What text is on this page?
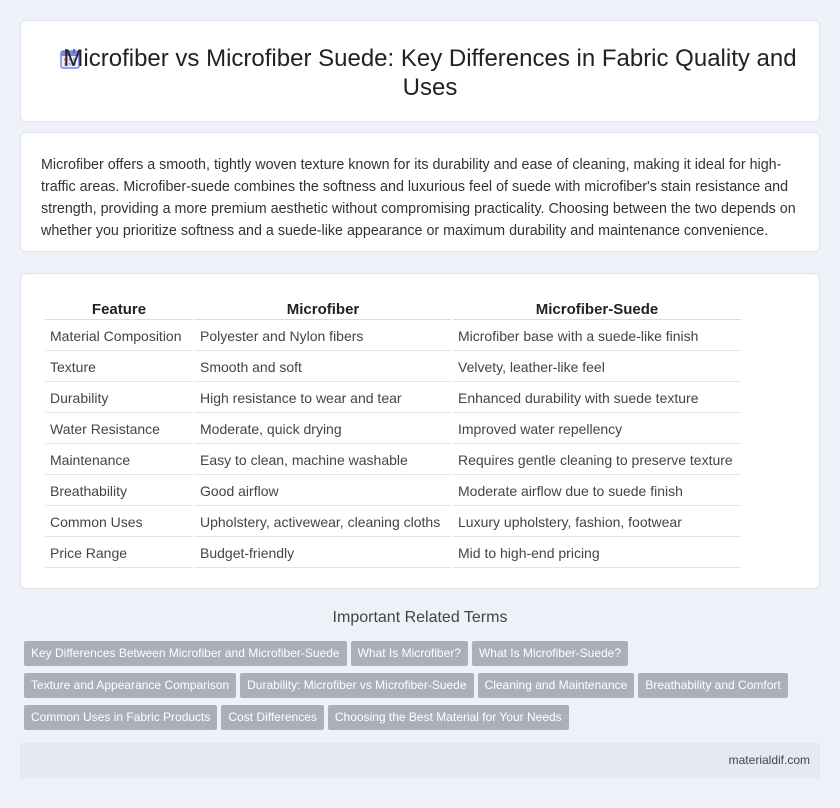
Microfiber vs Microfiber Suede: Key Differences in Fabric Quality and Uses

Microfiber offers a smooth, tightly woven texture known for its durability and ease of cleaning, making it ideal for high-traffic areas. Microfiber-suede combines the softness and luxurious feel of suede with microfiber's stain resistance and strength, providing a more premium aesthetic without compromising practicality. Choosing between the two depends on whether you prioritize softness and a suede-like appearance or maximum durability and maintenance convenience.

Feature	Microfiber	Microfiber-Suede
Material Composition	Polyester and Nylon fibers	Microfiber base with a suede-like finish
Texture	Smooth and soft	Velvety, leather-like feel
Durability	High resistance to wear and tear	Enhanced durability with suede texture
Water Resistance	Moderate, quick drying	Improved water repellency
Maintenance	Easy to clean, machine washable	Requires gentle cleaning to preserve texture
Breathability	Good airflow	Moderate airflow due to suede finish
Common Uses	Upholstery, activewear, cleaning cloths	Luxury upholstery, fashion, footwear
Price Range	Budget-friendly	Mid to high-end pricing
Important Related Terms
Key Differences Between Microfiber and Microfiber-Suede What Is Microfiber? What Is Microfiber-Suede?
Texture and Appearance Comparison Durability: Microfiber vs Microfiber-Suede Cleaning and Maintenance Breathability and Comfort
Common Uses in Fabric Products Cost Differences Choosing the Best Material for Your Needs
materialdif.com
